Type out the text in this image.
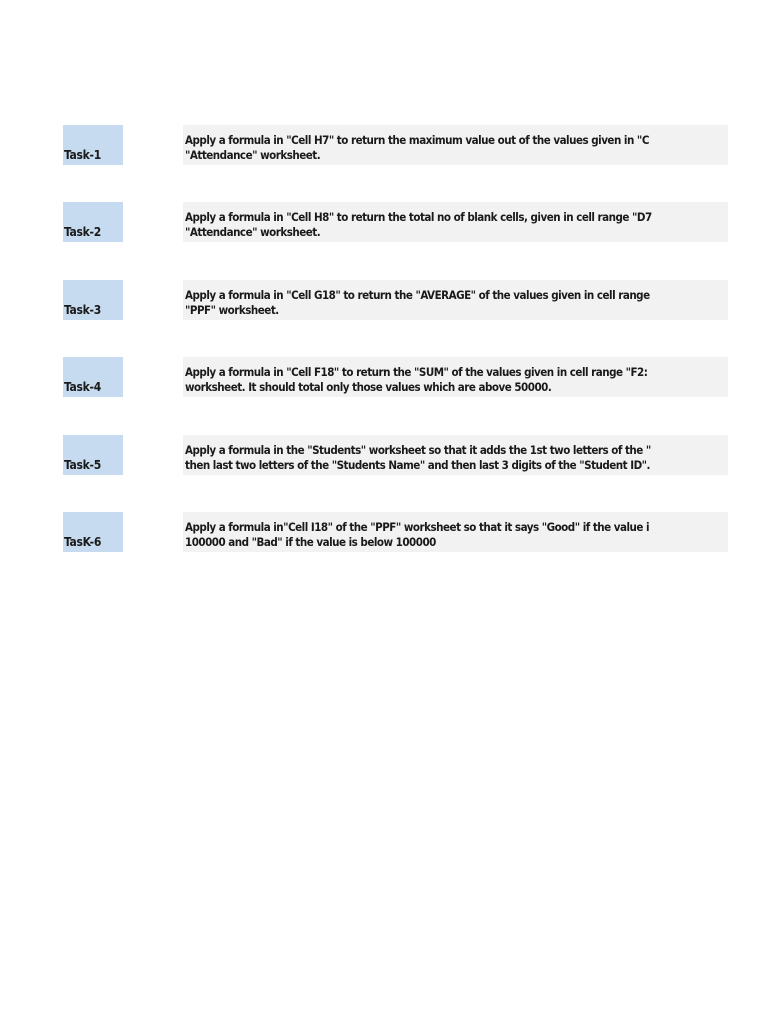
Task-1
Apply a formula in "Cell H7" to return the maximum value out of the values given in "C
"Attendance" worksheet.
Task-2
Apply a formula in "Cell H8" to return the total no of blank cells, given in cell range "D7
"Attendance" worksheet.
Task-3
Apply a formula in "Cell G18" to return the "AVERAGE" of the values given in cell range
"PPF" worksheet.
Task-4
Apply a formula in "Cell F18" to return the "SUM" of the values given in cell range "F2:
worksheet. It should total only those values which are above 50000.
Task-5
Apply a formula in the "Students" worksheet so that it adds the 1st two letters of the "
then last two letters of the "Students Name" and then last 3 digits of the "Student ID".
TasK-6
Apply a formula in"Cell I18" of the "PPF" worksheet so that it says "Good" if the value i
100000 and "Bad" if the value is below 100000
